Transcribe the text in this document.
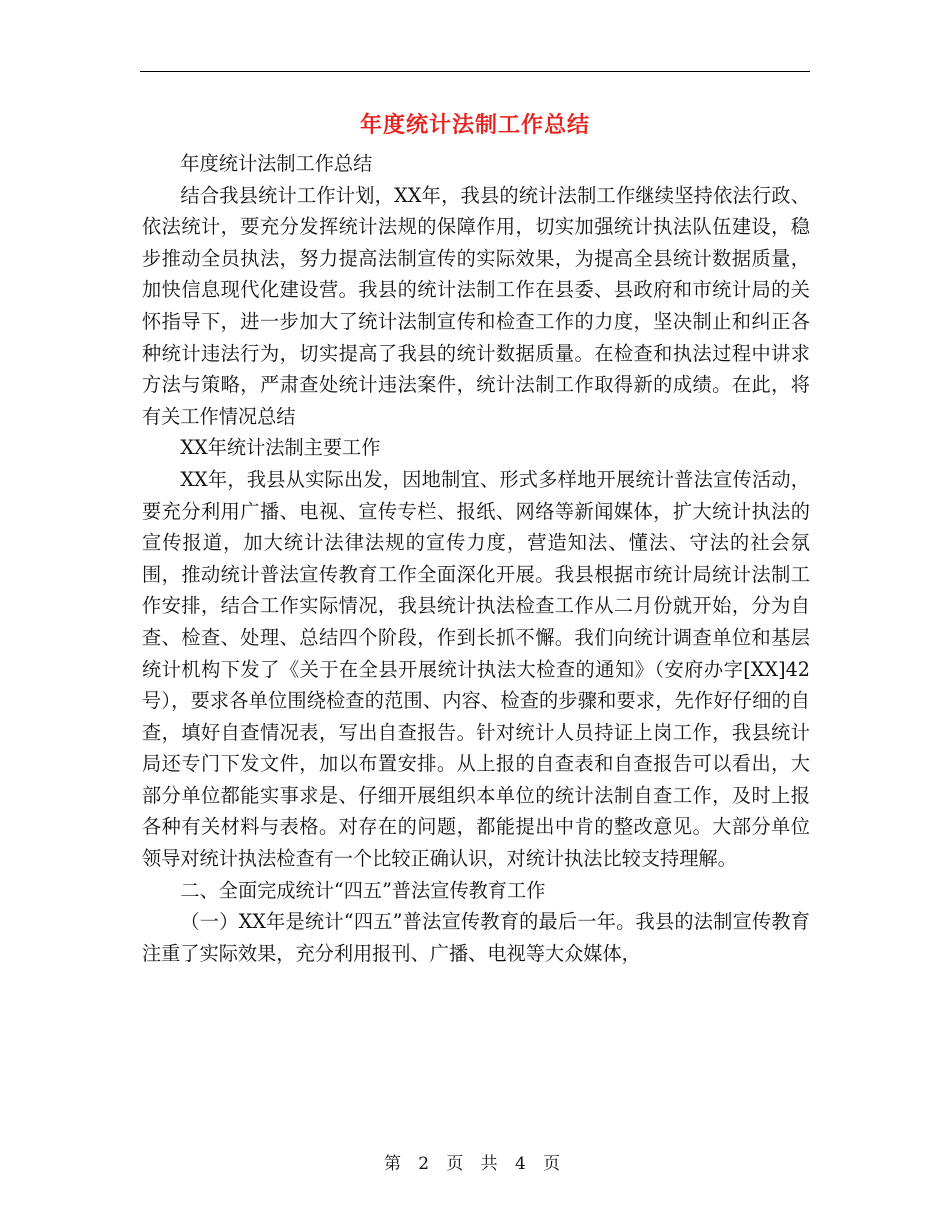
年度统计法制工作总结

年度统计法制工作总结

结合我县统计工作计划，XX年，我县的统计法制工作继续坚持依法行政、依法统计，要充分发挥统计法规的保障作用，切实加强统计执法队伍建设，稳步推动全员执法，努力提高法制宣传的实际效果，为提高全县统计数据质量，加快信息现代化建设营。我县的统计法制工作在县委、县政府和市统计局的关怀指导下，进一步加大了统计法制宣传和检查工作的力度，坚决制止和纠正各种统计违法行为，切实提高了我县的统计数据质量。在检查和执法过程中讲求方法与策略，严肃查处统计违法案件，统计法制工作取得新的成绩。在此，将有关工作情况总结

XX年统计法制主要工作

XX年，我县从实际出发，因地制宜、形式多样地开展统计普法宣传活动，要充分利用广播、电视、宣传专栏、报纸、网络等新闻媒体，扩大统计执法的宣传报道，加大统计法律法规的宣传力度，营造知法、懂法、守法的社会氛围，推动统计普法宣传教育工作全面深化开展。我县根据市统计局统计法制工作安排，结合工作实际情况，我县统计执法检查工作从二月份就开始，分为自查、检查、处理、总结四个阶段，作到长抓不懈。我们向统计调查单位和基层统计机构下发了《关于在全县开展统计执法大检查的通知》（安府办字[XX]42号），要求各单位围绕检查的范围、内容、检查的步骤和要求，先作好仔细的自查，填好自查情况表，写出自查报告。针对统计人员持证上岗工作，我县统计局还专门下发文件，加以布置安排。从上报的自查表和自查报告可以看出，大部分单位都能实事求是、仔细开展组织本单位的统计法制自查工作，及时上报各种有关材料与表格。对存在的问题，都能提出中肯的整改意见。大部分单位领导对统计执法检查有一个比较正确认识，对统计执法比较支持理解。

二、全面完成统计“四五”普法宣传教育工作

（一）XX年是统计“四五”普法宣传教育的最后一年。我县的法制宣传教育注重了实际效果，充分利用报刊、广播、电视等大众媒体，

第 2 页 共 4 页
